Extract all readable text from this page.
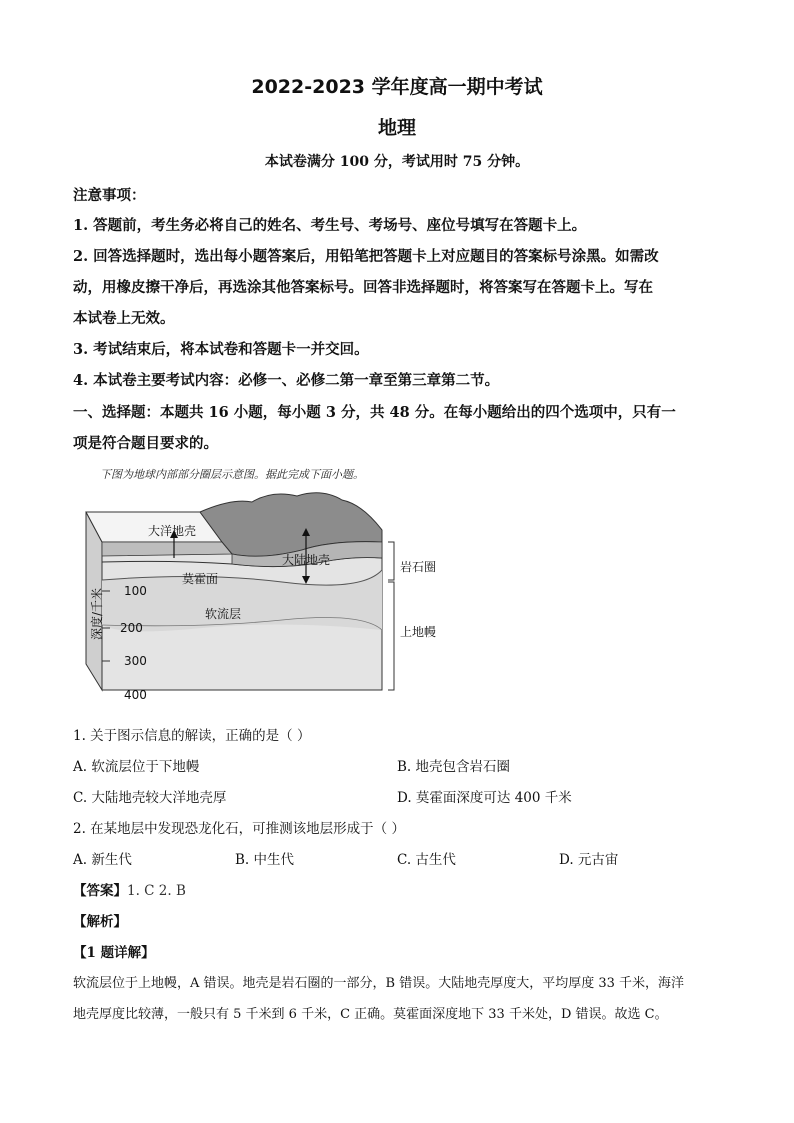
2022-2023 学年度高一期中考试
地理
本试卷满分 100 分，考试用时 75 分钟。
注意事项：
1. 答题前，考生务必将自己的姓名、考生号、考场号、座位号填写在答题卡上。
2. 回答选择题时，选出每小题答案后，用铅笔把答题卡上对应题目的答案标号涂黑。如需改
动，用橡皮擦干净后，再选涂其他答案标号。回答非选择题时，将答案写在答题卡上。写在
本试卷上无效。
3. 考试结束后，将本试卷和答题卡一并交回。
4. 本试卷主要考试内容：必修一、必修二第一章至第三章第二节。
一、选择题：本题共 16 小题，每小题 3 分，共 48 分。在每小题给出的四个选项中，只有一
项是符合题目要求的。
下图为地球内部部分圈层示意图。据此完成下面小题。
大洋地壳
大陆地壳
莫霍面
软流层
岩石圈
上地幔
深度/千米 100
200
300
400
1. 关于图示信息的解读，正确的是（ ）
A. 软流层位于下地幔	B. 地壳包含岩石圈
C. 大陆地壳较大洋地壳厚	D. 莫霍面深度可达 400 千米
2. 在某地层中发现恐龙化石，可推测该地层形成于（ ）
A. 新生代	B. 中生代	C. 古生代	D. 元古宙
【答案】1. C 2. B
【解析】
【1 题详解】
软流层位于上地幔，A 错误。地壳是岩石圈的一部分，B 错误。大陆地壳厚度大，平均厚度 33 千米，海洋
地壳厚度比较薄，一般只有 5 千米到 6 千米，C 正确。莫霍面深度地下 33 千米处，D 错误。故选 C。
